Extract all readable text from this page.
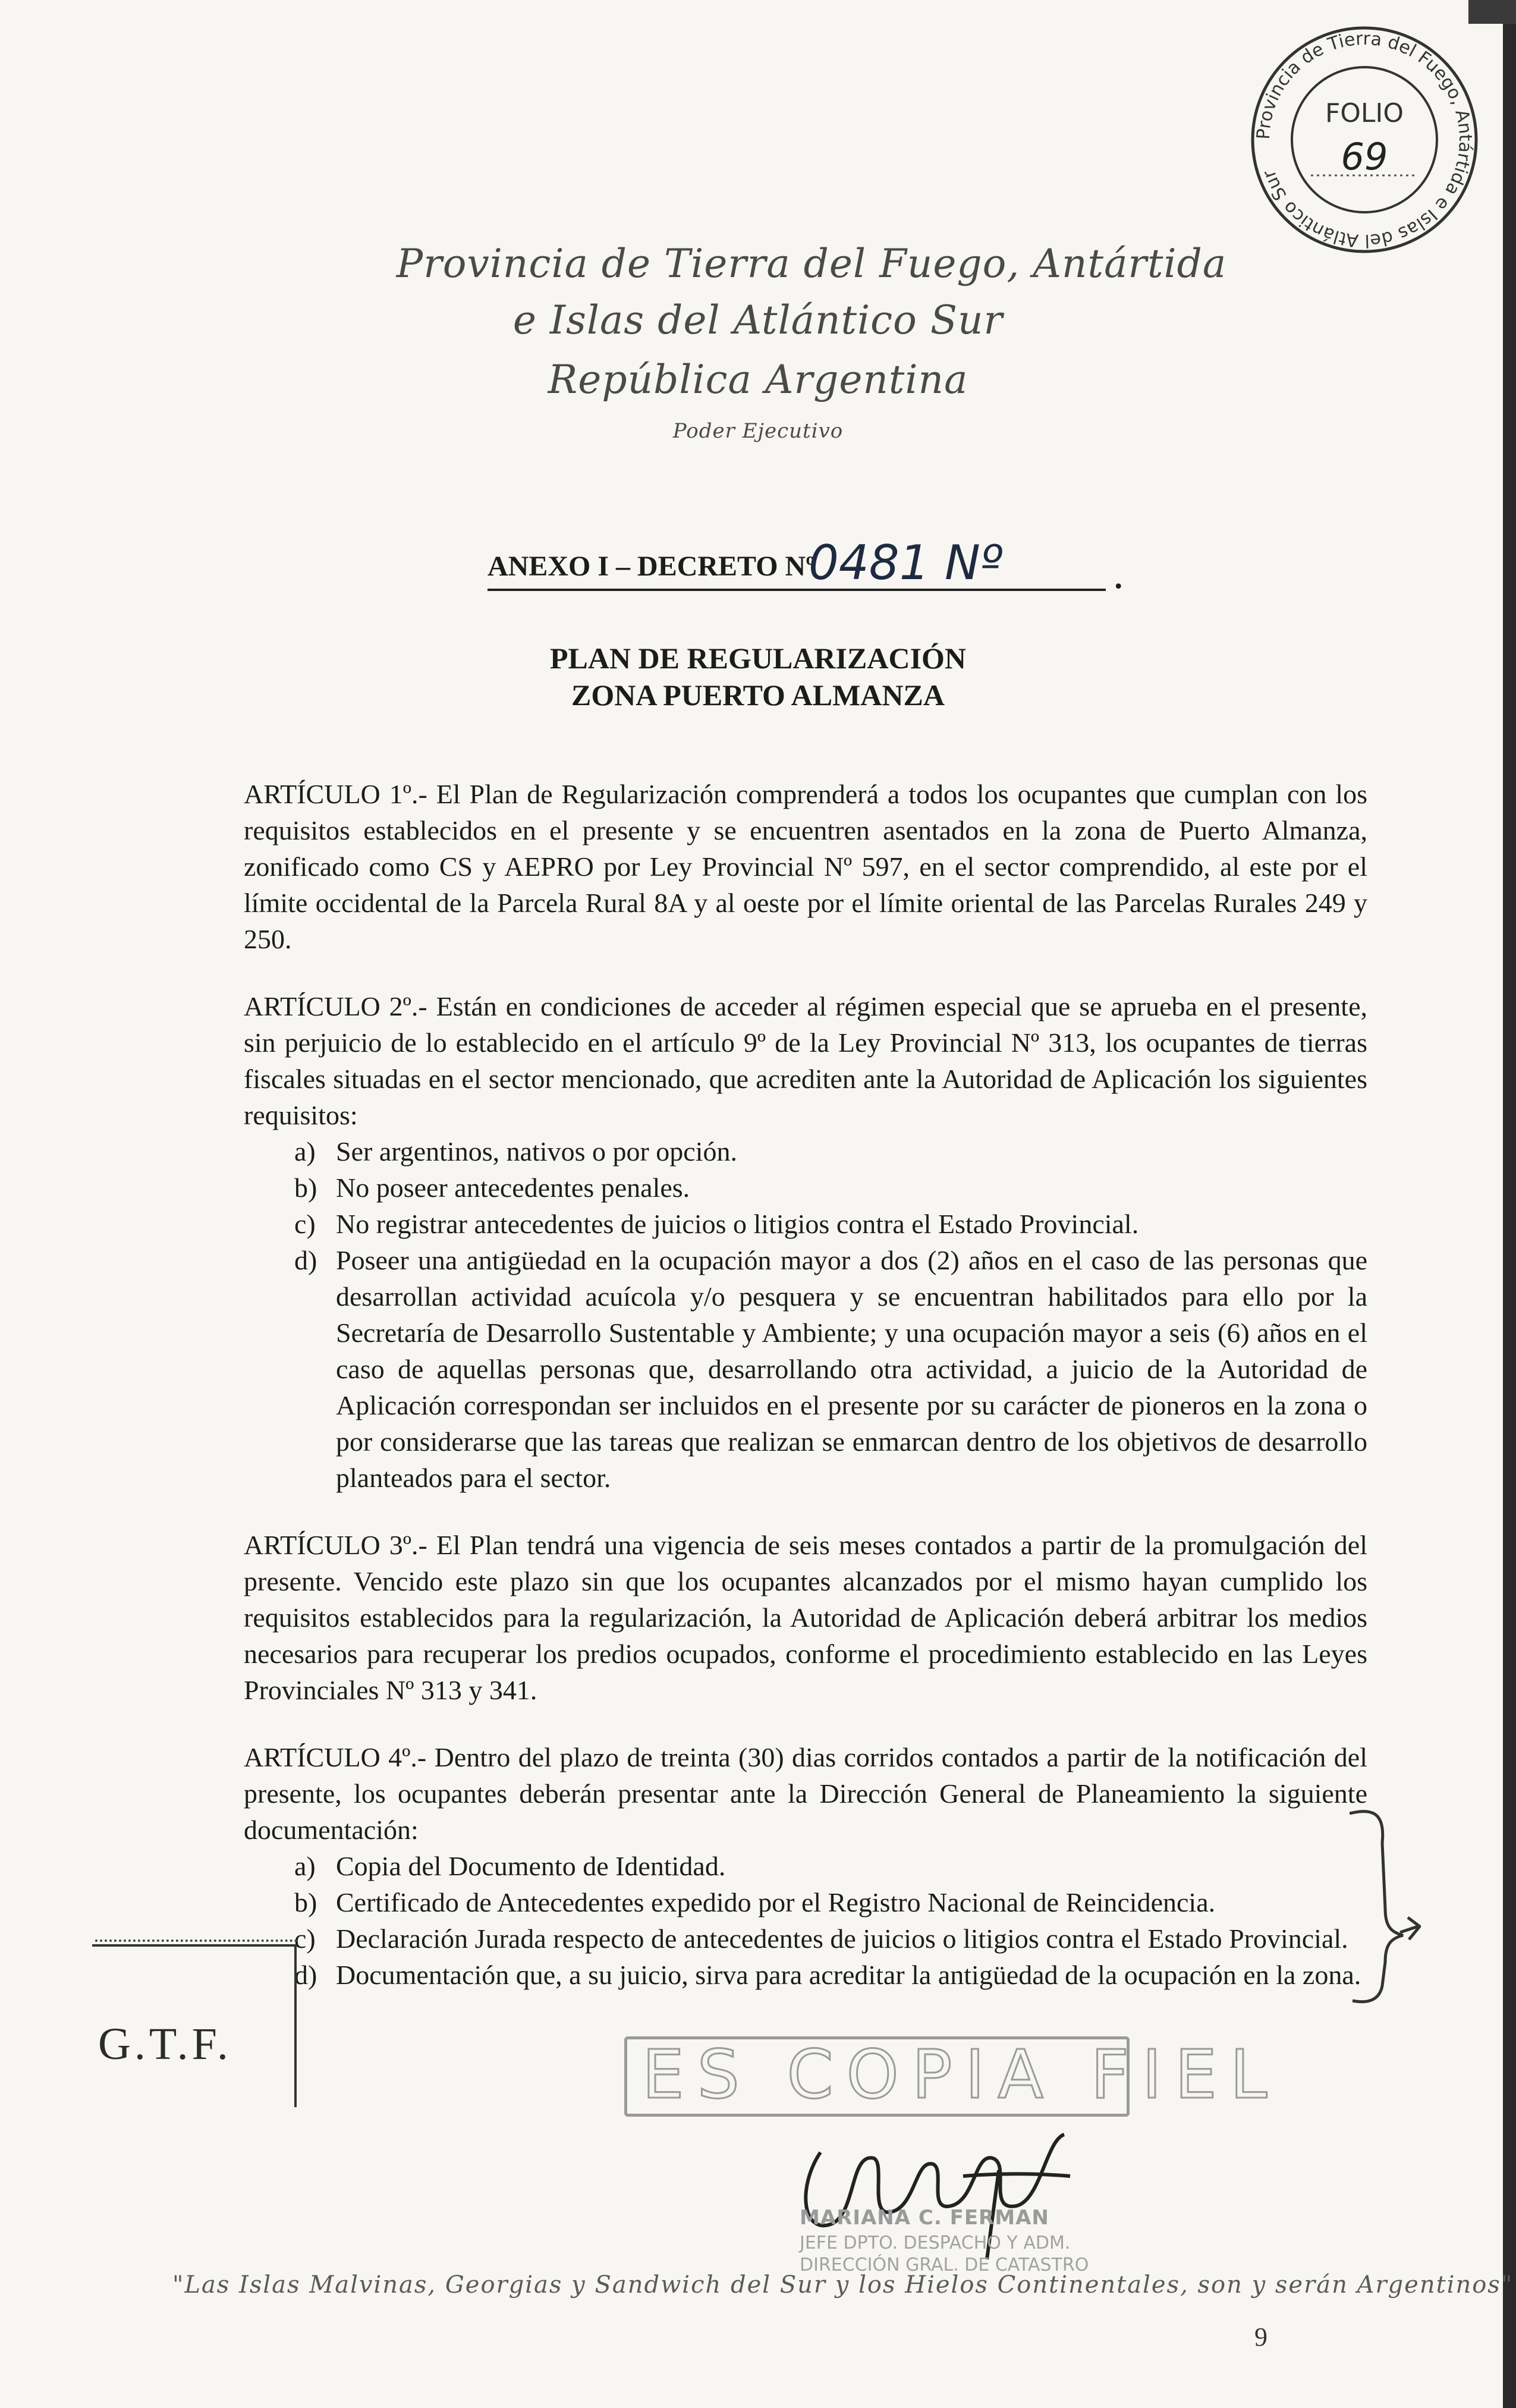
Provincia de Tierra del Fuego, Antártida e Islas del Atlántico Sur
FOLIO
69
Provincia de Tierra del Fuego, Antártida
e Islas del Atlántico Sur
República Argentina
Poder Ejecutivo
ANEXO I – DECRETO Nº
0481 Nº	.
PLAN DE REGULARIZACIÓN
ZONA PUERTO ALMANZA

ARTÍCULO 1º.- El Plan de Regularización comprenderá a todos los ocupantes que cumplan con los requisitos establecidos en el presente y se encuentren asentados en la zona de Puerto Almanza, zonificado como CS y AEPRO por Ley Provincial Nº 597, en el sector comprendido, al este por el límite occidental de la Parcela Rural 8A y al oeste por el límite oriental de las Parcelas Rurales 249 y 250.

ARTÍCULO 2º.- Están en condiciones de acceder al régimen especial que se aprueba en el presente, sin perjuicio de lo establecido en el artículo 9º de la Ley Provincial Nº 313, los ocupantes de tierras fiscales situadas en el sector mencionado, que acrediten ante la Autoridad de Aplicación los siguientes requisitos:
a) Ser argentinos, nativos o por opción.
b) No poseer antecedentes penales.
c) No registrar antecedentes de juicios o litigios contra el Estado Provincial.
d) Poseer una antigüedad en la ocupación mayor a dos (2) años en el caso de las personas que desarrollan actividad acuícola y/o pesquera y se encuentran habilitados para ello por la Secretaría de Desarrollo Sustentable y Ambiente; y una ocupación mayor a seis (6) años en el caso de aquellas personas que, desarrollando otra actividad, a juicio de la Autoridad de Aplicación correspondan ser incluidos en el presente por su carácter de pioneros en la zona o por considerarse que las tareas que realizan se enmarcan dentro de los objetivos de desarrollo planteados para el sector.

ARTÍCULO 3º.- El Plan tendrá una vigencia de seis meses contados a partir de la promulgación del presente. Vencido este plazo sin que los ocupantes alcanzados por el mismo hayan cumplido los requisitos establecidos para la regularización, la Autoridad de Aplicación deberá arbitrar los medios necesarios para recuperar los predios ocupados, conforme el procedimiento establecido en las Leyes Provinciales Nº 313 y 341.

ARTÍCULO 4º.- Dentro del plazo de treinta (30) dias corridos contados a partir de la notificación del presente, los ocupantes deberán presentar ante la Dirección General de Planeamiento la siguiente documentación:
a) Copia del Documento de Identidad.
b) Certificado de Antecedentes expedido por el Registro Nacional de Reincidencia.
c) Declaración Jurada respecto de antecedentes de juicios o litigios contra el Estado Provincial.
d) Documentación que, a su juicio, sirva para acreditar la antigüedad de la ocupación en la zona.
G.T.F.	ES COPIA FIEL
MARIANA C. FERMAN
JEFE DPTO. DESPACHO Y ADM.
DIRECCIÓN GRAL. DE CATASTRO
"Las Islas Malvinas, Georgias y Sandwich del Sur y los Hielos Continentales, son y serán Argentinos"
9
